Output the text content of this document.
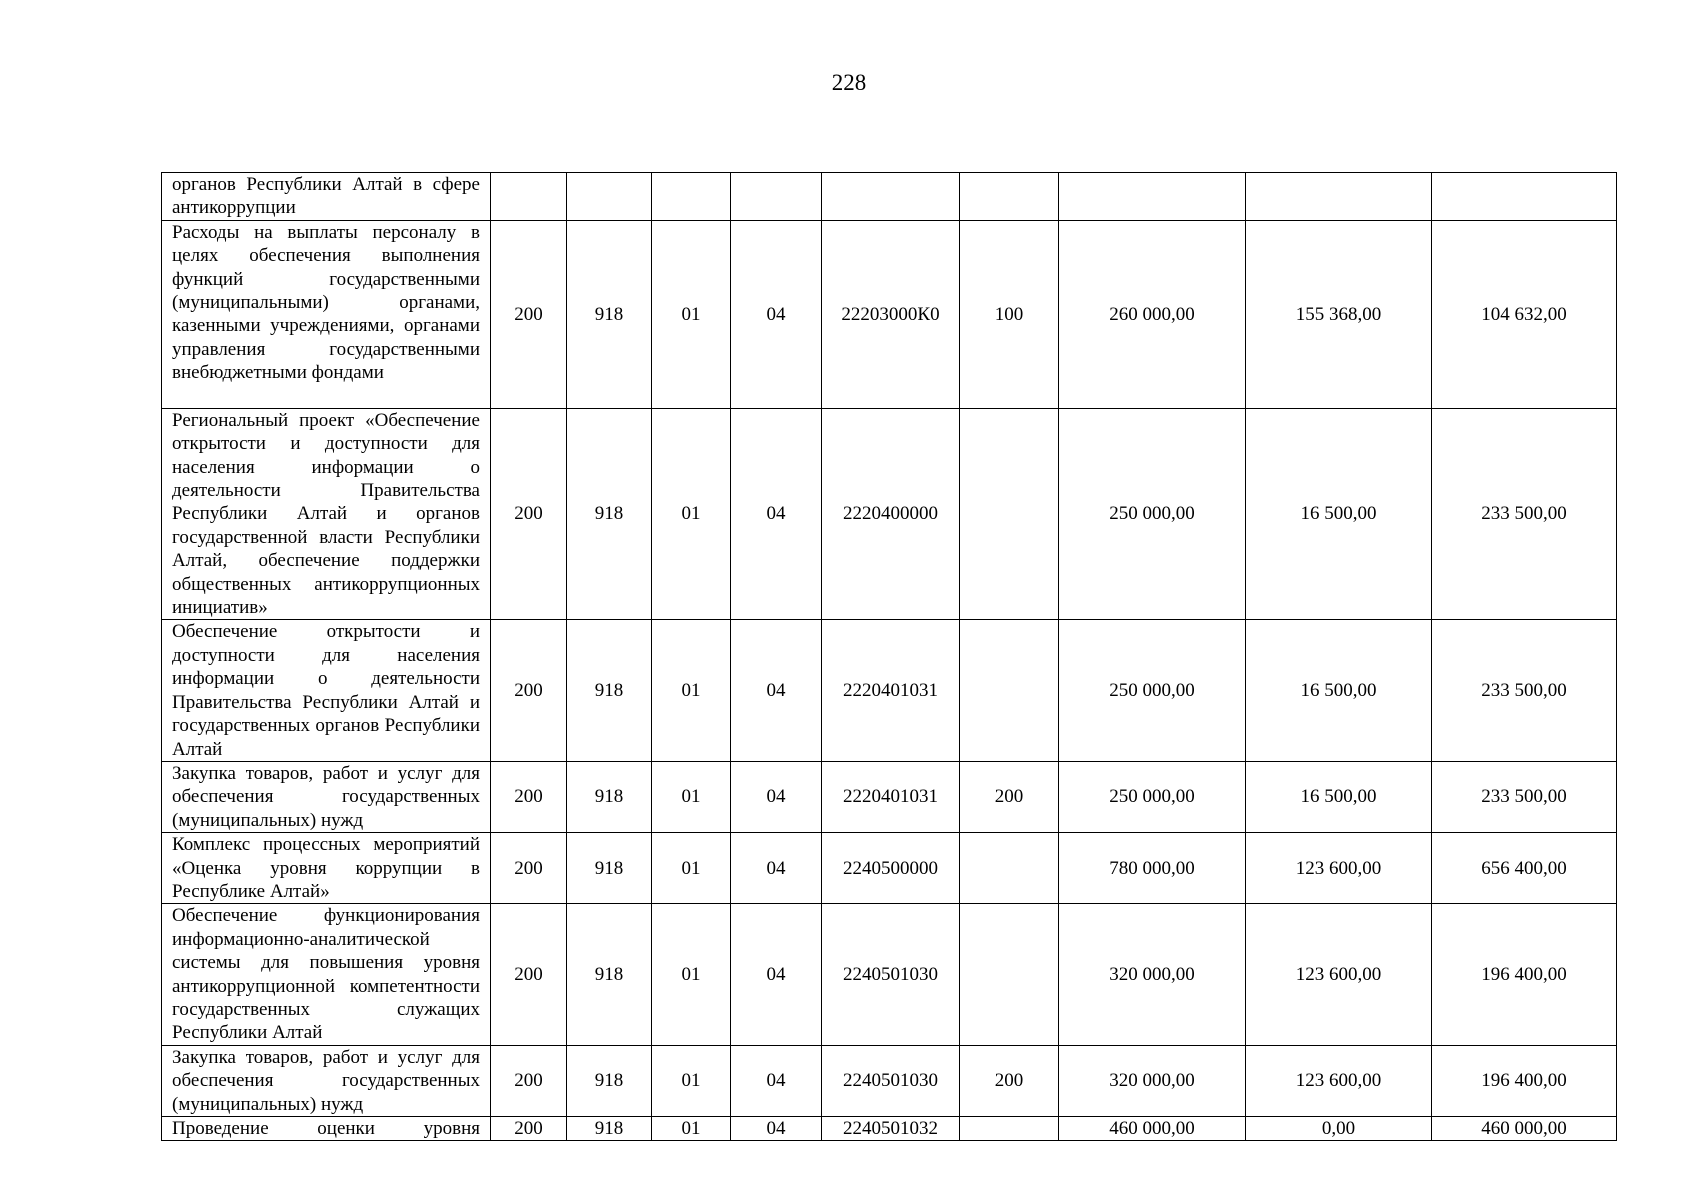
228
органов Республики Алтай в сфере антикоррупции									
Расходы на выплаты персоналу в целях обеспечения выполнения функций государственными (муниципальными) органами, казенными учреждениями, органами управления государственными внебюджетными фондами	200	918	01	04	22203000К0	100	260 000,00	155 368,00	104 632,00
Региональный проект «Обеспечение открытости и доступности для населения информации о деятельности Правительства Республики Алтай и органов государственной власти Республики Алтай, обеспечение поддержки общественных антикоррупционных инициатив»	200	918	01	04	2220400000		250 000,00	16 500,00	233 500,00
Обеспечение открытости и доступности для населения информации о деятельности Правительства Республики Алтай и государственных органов Республики Алтай	200	918	01	04	2220401031		250 000,00	16 500,00	233 500,00
Закупка товаров, работ и услуг для обеспечения государственных (муниципальных) нужд	200	918	01	04	2220401031	200	250 000,00	16 500,00	233 500,00
Комплекс процессных мероприятий «Оценка уровня коррупции в Республике Алтай»	200	918	01	04	2240500000		780 000,00	123 600,00	656 400,00
Обеспечение функционирования информационно-аналитической системы для повышения уровня антикоррупционной компетентности государственных служащих Республики Алтай	200	918	01	04	2240501030		320 000,00	123 600,00	196 400,00
Закупка товаров, работ и услуг для обеспечения государственных (муниципальных) нужд	200	918	01	04	2240501030	200	320 000,00	123 600,00	196 400,00
Проведение оценки уровня	200	918	01	04	2240501032		460 000,00	0,00	460 000,00
